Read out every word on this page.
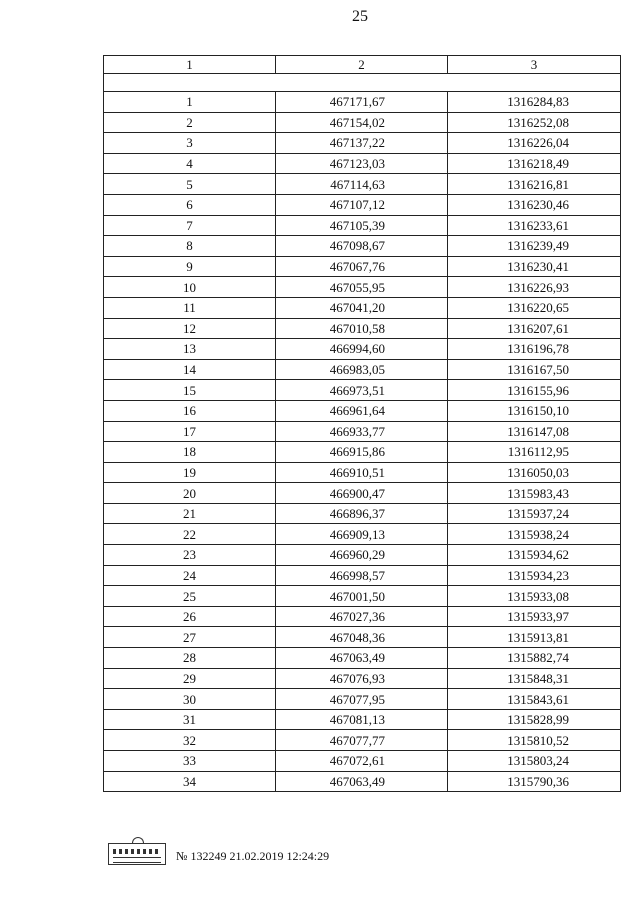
25
1	2	3

1	467171,67	1316284,83
2	467154,02	1316252,08
3	467137,22	1316226,04
4	467123,03	1316218,49
5	467114,63	1316216,81
6	467107,12	1316230,46
7	467105,39	1316233,61
8	467098,67	1316239,49
9	467067,76	1316230,41
10	467055,95	1316226,93
11	467041,20	1316220,65
12	467010,58	1316207,61
13	466994,60	1316196,78
14	466983,05	1316167,50
15	466973,51	1316155,96
16	466961,64	1316150,10
17	466933,77	1316147,08
18	466915,86	1316112,95
19	466910,51	1316050,03
20	466900,47	1315983,43
21	466896,37	1315937,24
22	466909,13	1315938,24
23	466960,29	1315934,62
24	466998,57	1315934,23
25	467001,50	1315933,08
26	467027,36	1315933,97
27	467048,36	1315913,81
28	467063,49	1315882,74
29	467076,93	1315848,31
30	467077,95	1315843,61
31	467081,13	1315828,99
32	467077,77	1315810,52
33	467072,61	1315803,24
34	467063,49	1315790,36
№ 132249 21.02.2019 12:24:29
